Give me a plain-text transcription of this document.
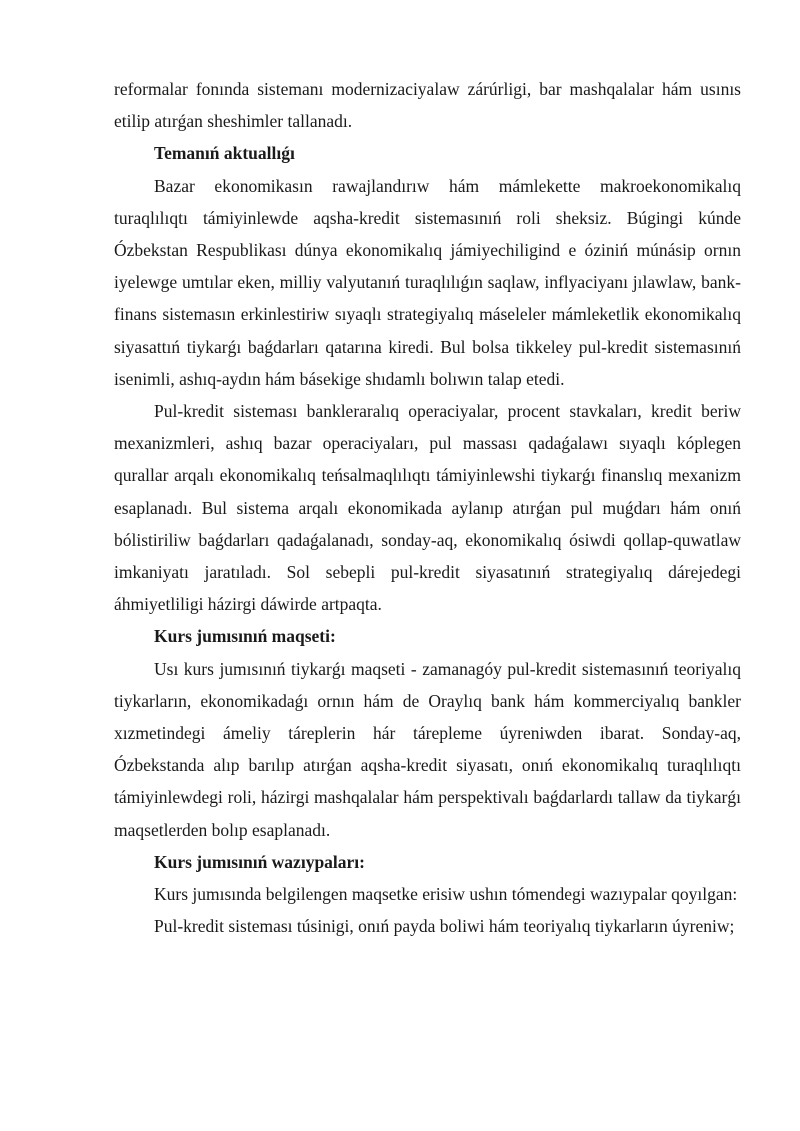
reformalar fonında sistemanı modernizaciyalaw zárúrligi, bar mashqalalar hám usınıs etilip atırǵan sheshimler tallanadı.

Temanıń aktuallıǵı

Bazar ekonomikasın rawajlandırıw hám mámlekette makroekonomikalıq turaqlılıqtı támiyinlewde aqsha-kredit sistemasınıń roli sheksiz. Búgingi kúnde Ózbekstan Respublikası dúnya ekonomikalıq jámiyechiligind e óziniń múnásip ornın iyelewge umtılar eken, milliy valyutanıń turaqlılıǵın saqlaw, inflyaciyanı jılawlaw, bank-finans sistemasın erkinlestiriw sıyaqlı strategiyalıq máseleler mámleketlik ekonomikalıq siyasattıń tiykarǵı baǵdarları qatarına kiredi. Bul bolsa tikkeley pul-kredit sistemasınıń isenimli, ashıq-aydın hám básekige shıdamlı bolıwın talap etedi.

Pul-kredit sisteması bankleraralıq operaciyalar, procent stavkaları, kredit beriw mexanizmleri, ashıq bazar operaciyaları, pul massası qadaǵalawı sıyaqlı kóplegen qurallar arqalı ekonomikalıq teńsalmaqlılıqtı támiyinlewshi tiykarǵı finanslıq mexanizm esaplanadı. Bul sistema arqalı ekonomikada aylanıp atırǵan pul muǵdarı hám onıń bólistiriliw baǵdarları qadaǵalanadı, sonday-aq, ekonomikalıq ósiwdi qollap-quwatlaw imkaniyatı jaratıladı. Sol sebepli pul-kredit siyasatınıń strategiyalıq dárejedegi áhmiyetliligi házirgi dáwirde artpaqta.

Kurs jumısınıń maqseti:

Usı kurs jumısınıń tiykarǵı maqseti - zamanagóy pul-kredit sistemasınıń teoriyalıq tiykarların, ekonomikadaǵı ornın hám de Oraylıq bank hám kommerciyalıq bankler xızmetindegi ámeliy táreplerin hár tárepleme úyreniwden ibarat. Sonday-aq, Ózbekstanda alıp barılıp atırǵan aqsha-kredit siyasatı, onıń ekonomikalıq turaqlılıqtı támiyinlewdegi roli, házirgi mashqalalar hám perspektivalı baǵdarlardı tallaw da tiykarǵı maqsetlerden bolıp esaplanadı.

Kurs jumısınıń wazıypaları:

Kurs jumısında belgilengen maqsetke erisiw ushın tómendegi wazıypalar qoyılgan:

Pul-kredit sisteması túsinigi, onıń payda boliwi hám teoriyalıq tiykarların úyreniw;
